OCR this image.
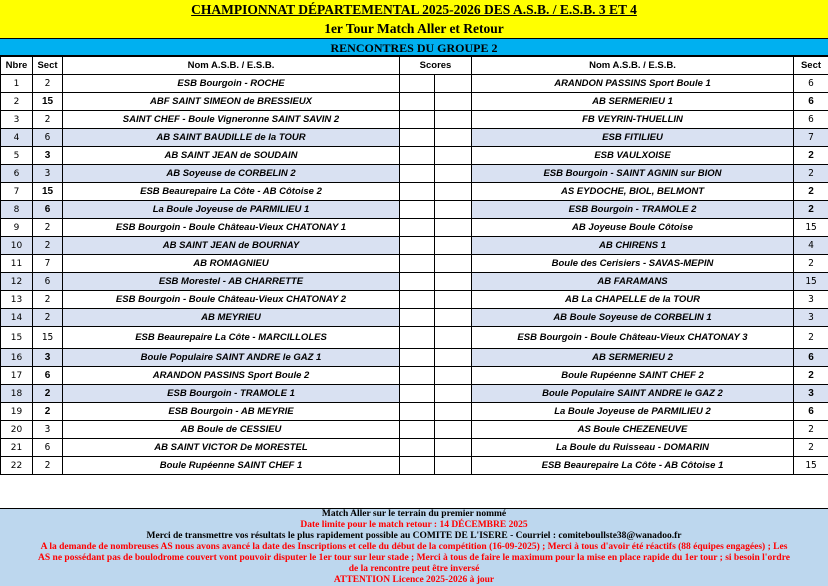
CHAMPIONNAT DÉPARTEMENTAL 2025-2026 DES A.S.B. / E.S.B. 3 ET 4
1er Tour Match Aller et Retour
RENCONTRES DU GROUPE 2
Nbre	Sect	Nom A.S.B. / E.S.B.	Scores		Nom A.S.B. / E.S.B.	Sect
1	2	ESB Bourgoin - ROCHE			ARANDON PASSINS Sport Boule 1	6
2	15	ABF SAINT SIMEON de BRESSIEUX			AB SERMERIEU 1	6
3	2	SAINT CHEF - Boule Vigneronne SAINT SAVIN 2			FB VEYRIN-THUELLIN	6
4	6	AB SAINT BAUDILLE de la TOUR			ESB FITILIEU	7
5	3	AB SAINT JEAN de SOUDAIN			ESB VAULXOISE	2
6	3	AB Soyeuse de CORBELIN 2			ESB Bourgoin - SAINT AGNIN sur BION	2
7	15	ESB Beaurepaire La Côte - AB Côtoise 2			AS EYDOCHE, BIOL, BELMONT	2
8	6	La Boule Joyeuse de PARMILIEU 1			ESB Bourgoin - TRAMOLE 2	2
9	2	ESB Bourgoin - Boule Château-Vieux CHATONAY 1			AB Joyeuse Boule Côtoise	15
10	2	AB SAINT JEAN de BOURNAY			AB CHIRENS 1	4
11	7	AB ROMAGNIEU			Boule des Cerisiers - SAVAS-MEPIN	2
12	6	ESB Morestel - AB CHARRETTE			AB FARAMANS	15
13	2	ESB Bourgoin - Boule Château-Vieux CHATONAY 2			AB La CHAPELLE de la TOUR	3
14	2	AB MEYRIEU			AB Boule Soyeuse de CORBELIN 1	3
15	15	ESB Beaurepaire La Côte - MARCILLOLES			ESB Bourgoin - Boule Château-Vieux CHATONAY 3	2
16	3	Boule Populaire SAINT ANDRE le GAZ 1			AB SERMERIEU 2	6
17	6	ARANDON PASSINS Sport Boule 2			Boule Rupéenne SAINT CHEF 2	2
18	2	ESB Bourgoin - TRAMOLE 1			Boule Populaire SAINT ANDRE le GAZ 2	3
19	2	ESB Bourgoin - AB MEYRIE			La Boule Joyeuse de PARMILIEU 2	6
20	3	AB Boule de CESSIEU			AS Boule CHEZENEUVE	2
21	6	AB SAINT VICTOR De MORESTEL			La Boule du Ruisseau - DOMARIN	2
22	2	Boule Rupéenne SAINT CHEF 1			ESB Beaurepaire La Côte - AB Côtoise 1	15
Match Aller sur le terrain du premier nommé
Date limite pour le match retour : 14 DÉCEMBRE 2025
Merci de transmettre vos résultats le plus rapidement possible au COMITE DE L'ISERE - Courriel : comiteboullste38@wanadoo.fr
A la demande de nombreuses AS nous avons avancé la date des Inscriptions et celle du début de la compétition (16-09-2025) ; Merci à tous d'avoir été réactifs (88 équipes engagées) ; Les
AS ne possédant pas de boulodrome couvert vont pouvoir disputer le 1er tour sur leur stade ; Merci à tous de faire le maximum pour la mise en place rapide du 1er tour ; si besoin l'ordre
de la rencontre peut être inversé
ATTENTION Licence 2025-2026 à jour
